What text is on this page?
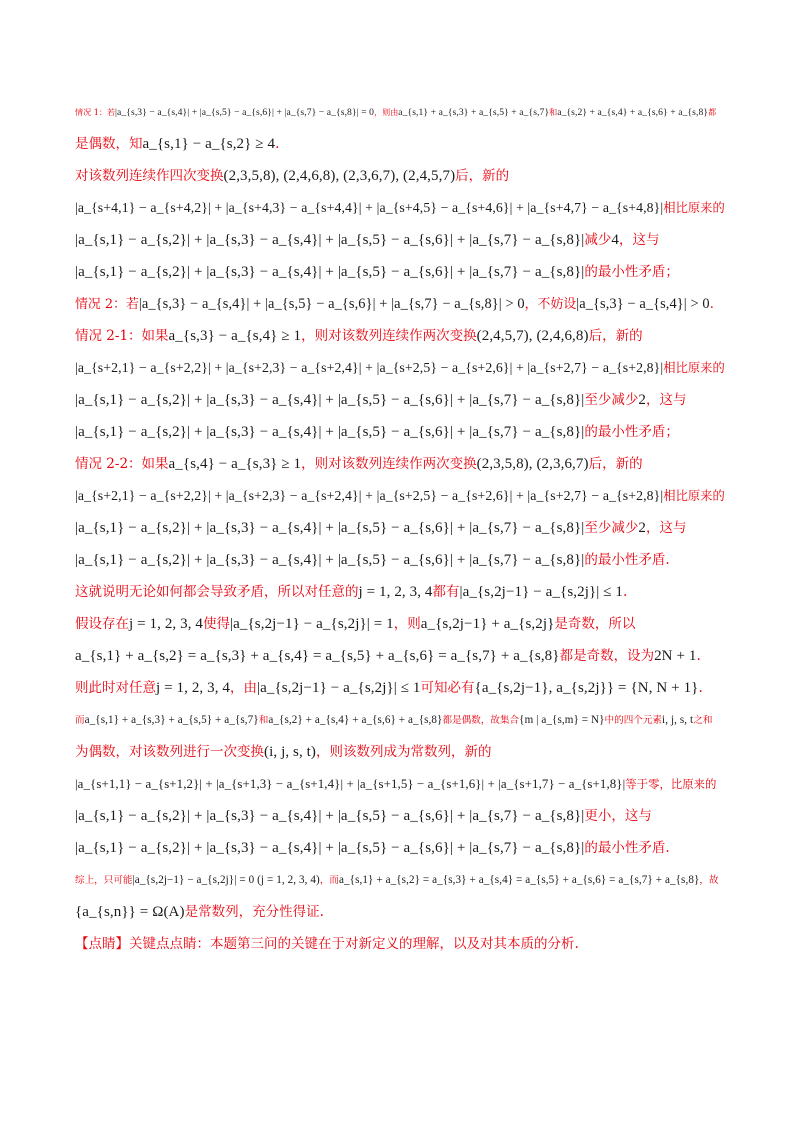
情况 1：若|a_{s,3} − a_{s,4}| + |a_{s,5} − a_{s,6}| + |a_{s,7} − a_{s,8}| = 0，则由a_{s,1} + a_{s,3} + a_{s,5} + a_{s,7}和a_{s,2} + a_{s,4} + a_{s,6} + a_{s,8}都
是偶数，知a_{s,1} − a_{s,2} ≥ 4.
对该数列连续作四次变换(2,3,5,8), (2,4,6,8), (2,3,6,7), (2,4,5,7)后，新的
|a_{s+4,1} − a_{s+4,2}| + |a_{s+4,3} − a_{s+4,4}| + |a_{s+4,5} − a_{s+4,6}| + |a_{s+4,7} − a_{s+4,8}|相比原来的
|a_{s,1} − a_{s,2}| + |a_{s,3} − a_{s,4}| + |a_{s,5} − a_{s,6}| + |a_{s,7} − a_{s,8}|减少4，这与
|a_{s,1} − a_{s,2}| + |a_{s,3} − a_{s,4}| + |a_{s,5} − a_{s,6}| + |a_{s,7} − a_{s,8}|的最小性矛盾；
情况 2：若|a_{s,3} − a_{s,4}| + |a_{s,5} − a_{s,6}| + |a_{s,7} − a_{s,8}| > 0，不妨设|a_{s,3} − a_{s,4}| > 0.
情况 2-1：如果a_{s,3} − a_{s,4} ≥ 1，则对该数列连续作两次变换(2,4,5,7), (2,4,6,8)后，新的
|a_{s+2,1} − a_{s+2,2}| + |a_{s+2,3} − a_{s+2,4}| + |a_{s+2,5} − a_{s+2,6}| + |a_{s+2,7} − a_{s+2,8}|相比原来的
|a_{s,1} − a_{s,2}| + |a_{s,3} − a_{s,4}| + |a_{s,5} − a_{s,6}| + |a_{s,7} − a_{s,8}|至少减少2，这与
|a_{s,1} − a_{s,2}| + |a_{s,3} − a_{s,4}| + |a_{s,5} − a_{s,6}| + |a_{s,7} − a_{s,8}|的最小性矛盾；
情况 2-2：如果a_{s,4} − a_{s,3} ≥ 1，则对该数列连续作两次变换(2,3,5,8), (2,3,6,7)后，新的
|a_{s+2,1} − a_{s+2,2}| + |a_{s+2,3} − a_{s+2,4}| + |a_{s+2,5} − a_{s+2,6}| + |a_{s+2,7} − a_{s+2,8}|相比原来的
|a_{s,1} − a_{s,2}| + |a_{s,3} − a_{s,4}| + |a_{s,5} − a_{s,6}| + |a_{s,7} − a_{s,8}|至少减少2，这与
|a_{s,1} − a_{s,2}| + |a_{s,3} − a_{s,4}| + |a_{s,5} − a_{s,6}| + |a_{s,7} − a_{s,8}|的最小性矛盾.
这就说明无论如何都会导致矛盾，所以对任意的j = 1, 2, 3, 4都有|a_{s,2j−1} − a_{s,2j}| ≤ 1.
假设存在j = 1, 2, 3, 4使得|a_{s,2j−1} − a_{s,2j}| = 1，则a_{s,2j−1} + a_{s,2j}是奇数，所以
a_{s,1} + a_{s,2} = a_{s,3} + a_{s,4} = a_{s,5} + a_{s,6} = a_{s,7} + a_{s,8}都是奇数，设为2N + 1.
则此时对任意j = 1, 2, 3, 4，由|a_{s,2j−1} − a_{s,2j}| ≤ 1可知必有{a_{s,2j−1}, a_{s,2j}} = {N, N + 1}.
而a_{s,1} + a_{s,3} + a_{s,5} + a_{s,7}和a_{s,2} + a_{s,4} + a_{s,6} + a_{s,8}都是偶数，故集合{m | a_{s,m} = N}中的四个元素i, j, s, t之和
为偶数，对该数列进行一次变换(i, j, s, t)，则该数列成为常数列，新的
|a_{s+1,1} − a_{s+1,2}| + |a_{s+1,3} − a_{s+1,4}| + |a_{s+1,5} − a_{s+1,6}| + |a_{s+1,7} − a_{s+1,8}|等于零，比原来的
|a_{s,1} − a_{s,2}| + |a_{s,3} − a_{s,4}| + |a_{s,5} − a_{s,6}| + |a_{s,7} − a_{s,8}|更小，这与
|a_{s,1} − a_{s,2}| + |a_{s,3} − a_{s,4}| + |a_{s,5} − a_{s,6}| + |a_{s,7} − a_{s,8}|的最小性矛盾.
综上，只可能|a_{s,2j−1} − a_{s,2j}| = 0 (j = 1, 2, 3, 4)，而a_{s,1} + a_{s,2} = a_{s,3} + a_{s,4} = a_{s,5} + a_{s,6} = a_{s,7} + a_{s,8}，故
{a_{s,n}} = Ω(A)是常数列，充分性得证.
【点睛】关键点点睛：本题第三问的关键在于对新定义的理解，以及对其本质的分析.
